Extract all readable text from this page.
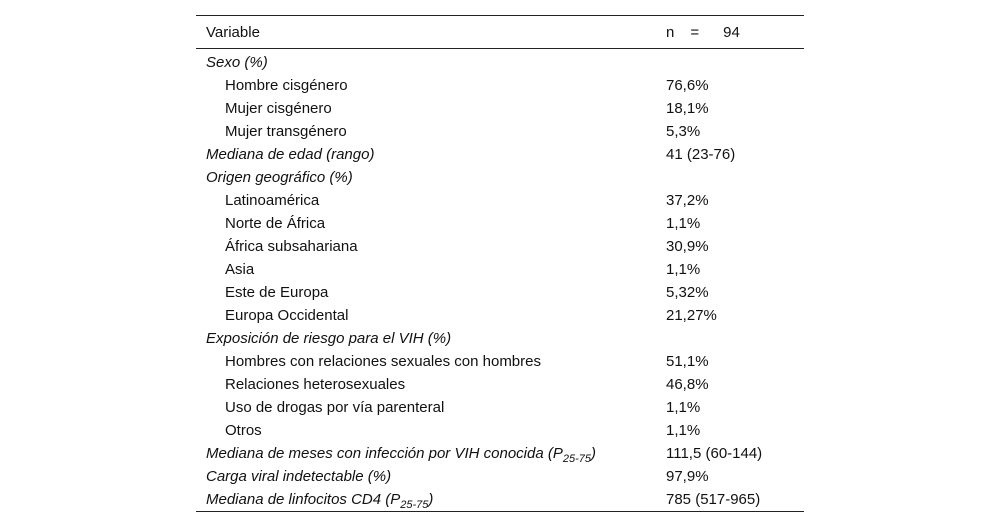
Variable	n = 94
Sexo (%)
Hombre cisgénero	76,6%
Mujer cisgénero	18,1%
Mujer transgénero	5,3%
Mediana de edad (rango)	41 (23-76)
Origen geográfico (%)
Latinoamérica	37,2%
Norte de África	1,1%
África subsahariana	30,9%
Asia	1,1%
Este de Europa	5,32%
Europa Occidental	21,27%
Exposición de riesgo para el VIH (%)
Hombres con relaciones sexuales con hombres	51,1%
Relaciones heterosexuales	46,8%
Uso de drogas por vía parenteral	1,1%
Otros	1,1%
Mediana de meses con infección por VIH conocida $(P_{25-75})$	111,5 (60-144)
Carga viral indetectable (%)	97,9%
Mediana de linfocitos CD4 $(P_{25-75})$	785 (517-965)
